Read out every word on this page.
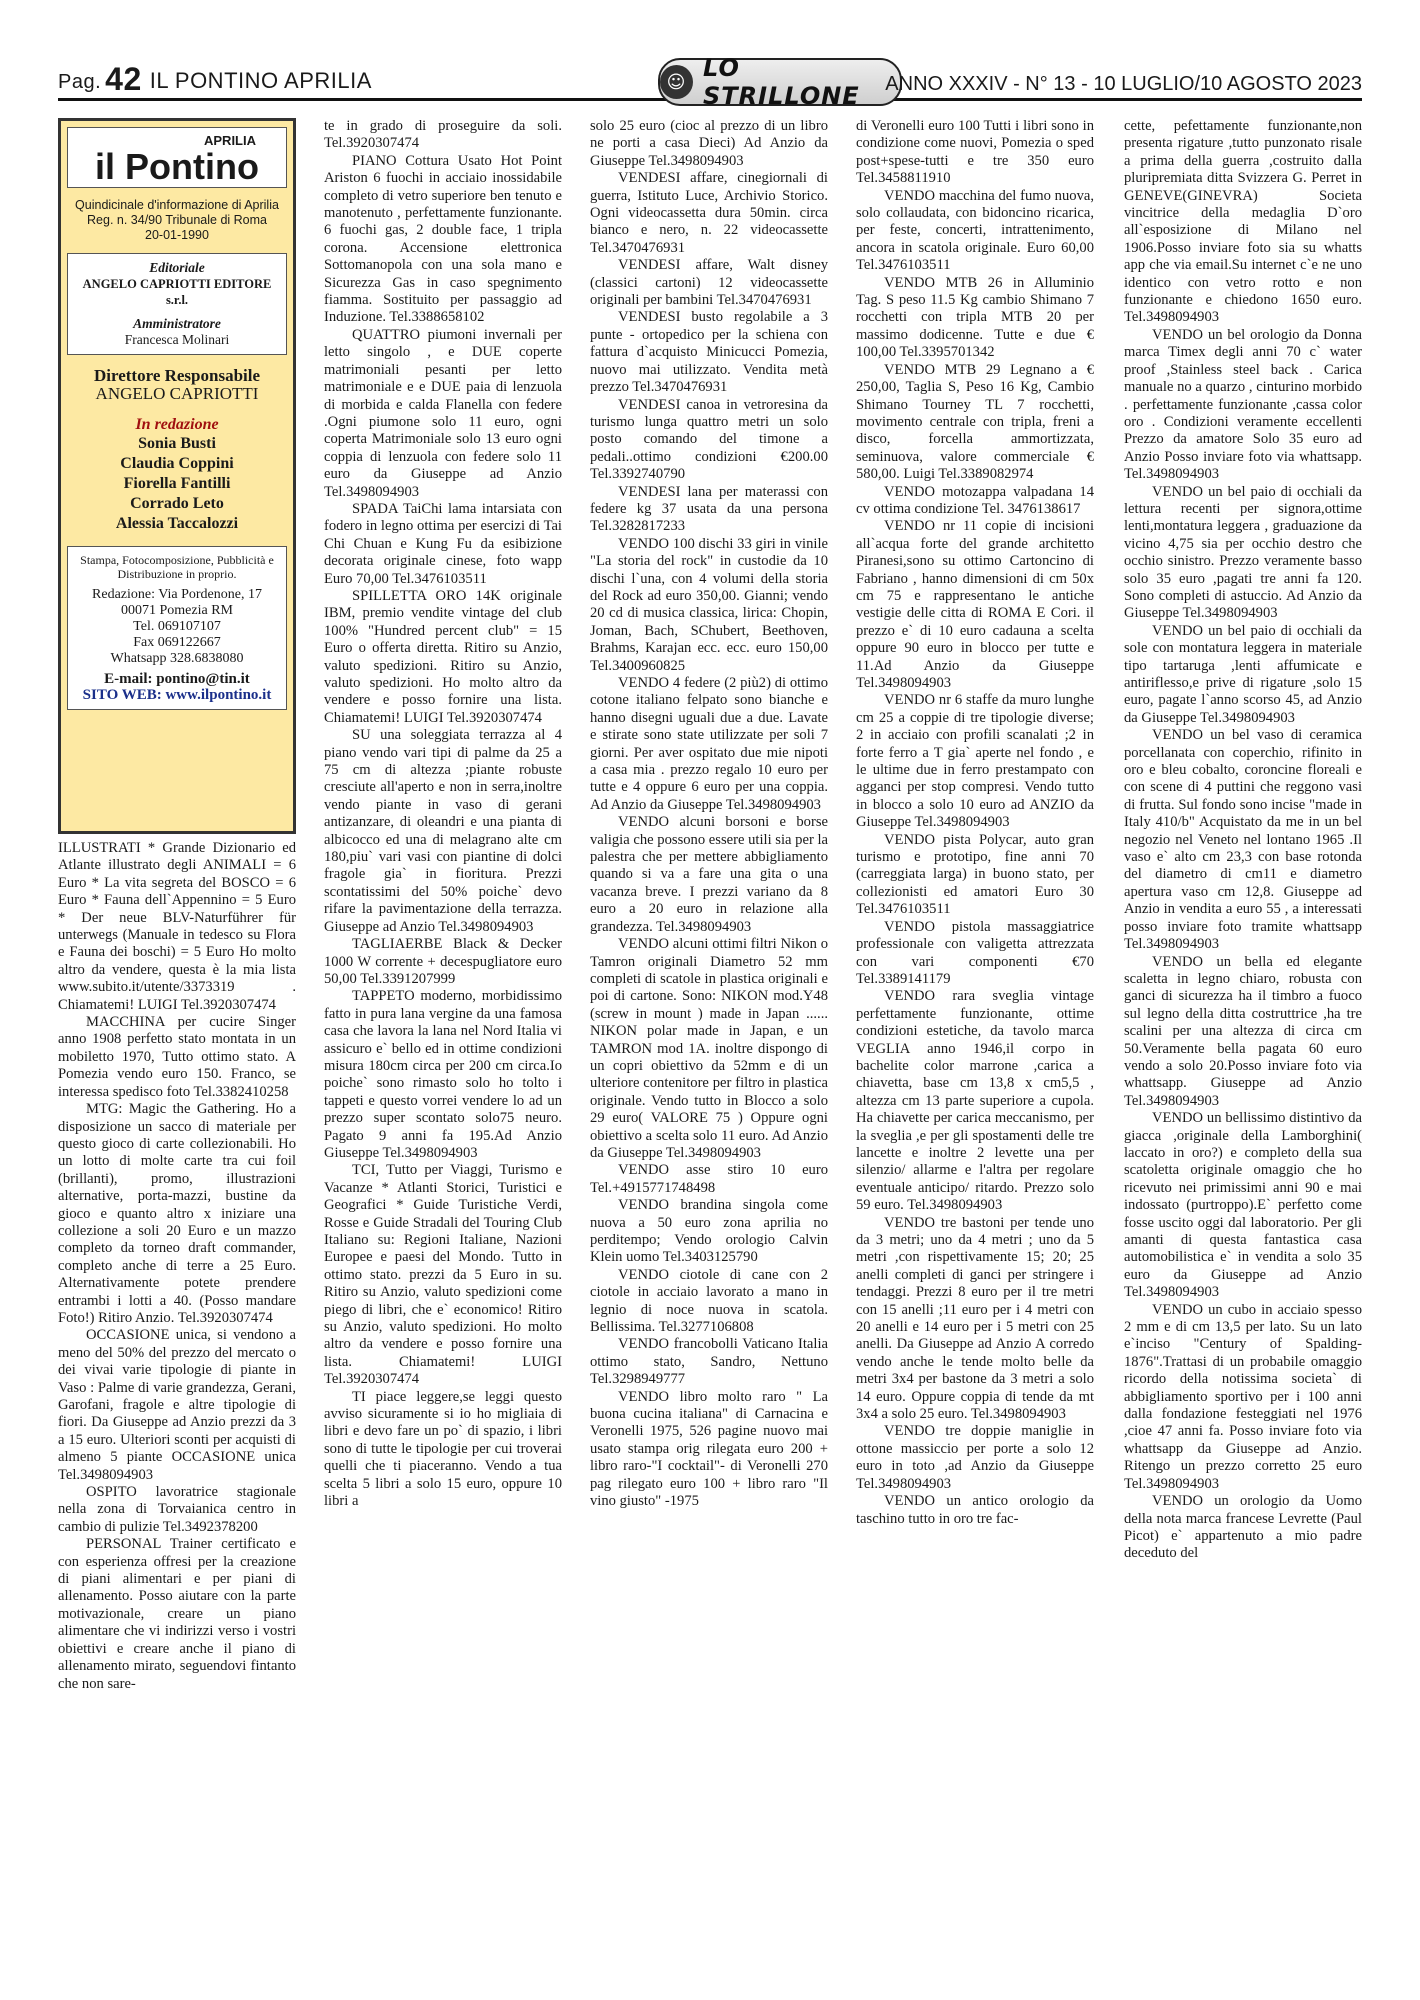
Pag. 42 IL PONTINO APRILIA	☺ LO STRILLONE	ANNO XXXIV - N° 13 - 10 LUGLIO/10 AGOSTO 2023
APRILIA
il Pontino
Quindicinale d'informazione di Aprilia
Reg. n. 34/90 Tribunale di Roma
20-01-1990
Editoriale
ANGELO CAPRIOTTI EDITORE s.r.l.
Amministratore
Francesca Molinari
Direttore Responsabile
ANGELO CAPRIOTTI
In redazione
Sonia Busti
Claudia Coppini
Fiorella Fantilli
Corrado Leto
Alessia Taccalozzi
Stampa, Fotocomposizione, Pubblicità e Distribuzione in proprio.
Redazione: Via Pordenone, 17
00071 Pomezia RM
Tel. 069107107
Fax 069122667
Whatsapp 328.6838080
E-mail: pontino@tin.it
SITO WEB: www.ilpontino.it

ILLUSTRATI * Grande Dizionario ed Atlante illustrato degli ANIMALI = 6 Euro * La vita segreta del BOSCO = 6 Euro * Fauna dell`Appennino = 5 Euro * Der neue BLV-Naturführer für unterwegs (Manuale in tedesco su Flora e Fauna dei boschi) = 5 Euro Ho molto altro da vendere, questa è la mia lista www.subito.it/utente/3373319 . Chiamatemi! LUIGI Tel.3920307474

MACCHINA per cucire Singer anno 1908 perfetto stato montata in un mobiletto 1970, Tutto ottimo stato. A Pomezia vendo euro 150. Franco, se interessa spedisco foto Tel.3382410258

MTG: Magic the Gathering. Ho a disposizione un sacco di materiale per questo gioco di carte collezionabili. Ho un lotto di molte carte tra cui foil (brillanti), promo, illustrazioni alternative, porta-mazzi, bustine da gioco e quanto altro x iniziare una collezione a soli 20 Euro e un mazzo completo da torneo draft commander, completo anche di terre a 25 Euro. Alternativamente potete prendere entrambi i lotti a 40. (Posso mandare Foto!) Ritiro Anzio. Tel.3920307474

OCCASIONE unica, si vendono a meno del 50% del prezzo del mercato o dei vivai varie tipologie di piante in Vaso : Palme di varie grandezza, Gerani, Garofani, fragole e altre tipologie di fiori. Da Giuseppe ad Anzio prezzi da 3 a 15 euro. Ulteriori sconti per acquisti di almeno 5 piante OCCASIONE unica Tel.3498094903

OSPITO lavoratrice stagionale nella zona di Torvaianica centro in cambio di pulizie Tel.3492378200

PERSONAL Trainer certificato e con esperienza offresi per la creazione di piani alimentari e per piani di allenamento. Posso aiutare con la parte motivazionale, creare un piano alimentare che vi indirizzi verso i vostri obiettivi e creare anche il piano di allenamento mirato, seguendovi fintanto che non sare-

te in grado di proseguire da soli. Tel.3920307474

PIANO Cottura Usato Hot Point Ariston 6 fuochi in acciaio inossidabile completo di vetro superiore ben tenuto e manotenuto , perfettamente funzionante. 6 fuochi gas, 2 double face, 1 tripla corona. Accensione elettronica Sottomanopola con una sola mano e Sicurezza Gas in caso spegnimento fiamma. Sostituito per passaggio ad Induzione. Tel.3388658102

QUATTRO piumoni invernali per letto singolo , e DUE coperte matrimoniali pesanti per letto matrimoniale e e DUE paia di lenzuola di morbida e calda Flanella con federe .Ogni piumone solo 11 euro, ogni coperta Matrimoniale solo 13 euro ogni coppia di lenzuola con federe solo 11 euro da Giuseppe ad Anzio Tel.3498094903

SPADA TaiChi lama intarsiata con fodero in legno ottima per esercizi di Tai Chi Chuan e Kung Fu da esibizione decorata originale cinese, foto wapp Euro 70,00 Tel.3476103511

SPILLETTA ORO 14K originale IBM, premio vendite vintage del club 100% "Hundred percent club" = 15 Euro o offerta diretta. Ritiro su Anzio, valuto spedizioni. Ritiro su Anzio, valuto spedizioni. Ho molto altro da vendere e posso fornire una lista. Chiamatemi! LUIGI Tel.3920307474

SU una soleggiata terrazza al 4 piano vendo vari tipi di palme da 25 a 75 cm di altezza ;piante robuste cresciute all'aperto e non in serra,inoltre vendo piante in vaso di gerani antizanzare, di oleandri e una pianta di albicocco ed una di melagrano alte cm 180,piu` vari vasi con piantine di dolci fragole gia` in fioritura. Prezzi scontatissimi del 50% poiche` devo rifare la pavimentazione della terrazza. Giuseppe ad Anzio Tel.3498094903

TAGLIAERBE Black & Decker 1000 W corrente + decespugliatore euro 50,00 Tel.3391207999

TAPPETO moderno, morbidissimo fatto in pura lana vergine da una famosa casa che lavora la lana nel Nord Italia vi assicuro e` bello ed in ottime condizioni misura 180cm circa per 200 cm circa.Io poiche` sono rimasto solo ho tolto i tappeti e questo vorrei vendere lo ad un prezzo super scontato solo75 neuro. Pagato 9 anni fa 195.Ad Anzio Giuseppe Tel.3498094903

TCI, Tutto per Viaggi, Turismo e Vacanze * Atlanti Storici, Turistici e Geografici * Guide Turistiche Verdi, Rosse e Guide Stradali del Touring Club Italiano su: Regioni Italiane, Nazioni Europee e paesi del Mondo. Tutto in ottimo stato. prezzi da 5 Euro in su. Ritiro su Anzio, valuto spedizioni come piego di libri, che e` economico! Ritiro su Anzio, valuto spedizioni. Ho molto altro da vendere e posso fornire una lista. Chiamatemi! LUIGI Tel.3920307474

TI piace leggere,se leggi questo avviso sicuramente si io ho migliaia di libri e devo fare un po` di spazio, i libri sono di tutte le tipologie per cui troverai quelli che ti piaceranno. Vendo a tua scelta 5 libri a solo 15 euro, oppure 10 libri a

solo 25 euro (cioc al prezzo di un libro ne porti a casa Dieci) Ad Anzio da Giuseppe Tel.3498094903

VENDESI affare, cinegiornali di guerra, Istituto Luce, Archivio Storico. Ogni videocassetta dura 50min. circa bianco e nero, n. 22 videocassette Tel.3470476931

VENDESI affare, Walt disney (classici cartoni) 12 videocassette originali per bambini Tel.3470476931

VENDESI busto regolabile a 3 punte - ortopedico per la schiena con fattura d`acquisto Minicucci Pomezia, nuovo mai utilizzato. Vendita metà prezzo Tel.3470476931

VENDESI canoa in vetroresina da turismo lunga quattro metri un solo posto comando del timone a pedali..ottimo condizioni €200.00 Tel.3392740790

VENDESI lana per materassi con federe kg 37 usata da una persona Tel.3282817233

VENDO 100 dischi 33 giri in vinile "La storia del rock" in custodie da 10 dischi l`una, con 4 volumi della storia del Rock ad euro 350,00. Gianni; vendo 20 cd di musica classica, lirica: Chopin, Joman, Bach, SChubert, Beethoven, Brahms, Karajan ecc. ecc. euro 150,00 Tel.3400960825

VENDO 4 federe (2 più2) di ottimo cotone italiano felpato sono bianche e hanno disegni uguali due a due. Lavate e stirate sono state utilizzate per soli 7 giorni. Per aver ospitato due mie nipoti a casa mia . prezzo regalo 10 euro per tutte e 4 oppure 6 euro per una coppia. Ad Anzio da Giuseppe Tel.3498094903

VENDO alcuni borsoni e borse valigia che possono essere utili sia per la palestra che per mettere abbigliamento quando si va a fare una gita o una vacanza breve. I prezzi variano da 8 euro a 20 euro in relazione alla grandezza. Tel.3498094903

VENDO alcuni ottimi filtri Nikon o Tamron originali Diametro 52 mm completi di scatole in plastica originali e poi di cartone. Sono: NIKON mod.Y48 (screw in mount ) made in Japan ...... NIKON polar made in Japan, e un TAMRON mod 1A. inoltre dispongo di un copri obiettivo da 52mm e di un ulteriore contenitore per filtro in plastica originale. Vendo tutto in Blocco a solo 29 euro( VALORE 75 ) Oppure ogni obiettivo a scelta solo 11 euro. Ad Anzio da Giuseppe Tel.3498094903

VENDO asse stiro 10 euro Tel.+4915771748498

VENDO brandina singola come nuova a 50 euro zona aprilia no perditempo; Vendo orologio Calvin Klein uomo Tel.3403125790

VENDO ciotole di cane con 2 ciotole in acciaio lavorato a mano in legnio di noce nuova in scatola. Bellissima. Tel.3277106808

VENDO francobolli Vaticano Italia ottimo stato, Sandro, Nettuno Tel.3298949777

VENDO libro molto raro " La buona cucina italiana" di Carnacina e Veronelli 1975, 526 pagine nuovo mai usato stampa orig rilegata euro 200 + libro raro-"I cocktail"- di Veronelli 270 pag rilegato euro 100 + libro raro "Il vino giusto" -1975

di Veronelli euro 100 Tutti i libri sono in condizione come nuovi, Pomezia o sped post+spese-tutti e tre 350 euro Tel.3458811910

VENDO macchina del fumo nuova, solo collaudata, con bidoncino ricarica, per feste, concerti, intrattenimento, ancora in scatola originale. Euro 60,00 Tel.3476103511

VENDO MTB 26 in Alluminio Tag. S peso 11.5 Kg cambio Shimano 7 rocchetti con tripla MTB 20 per massimo dodicenne. Tutte e due € 100,00 Tel.3395701342

VENDO MTB 29 Legnano a € 250,00, Taglia S, Peso 16 Kg, Cambio Shimano Tourney TL 7 rocchetti, movimento centrale con tripla, freni a disco, forcella ammortizzata, seminuova, valore commerciale € 580,00. Luigi Tel.3389082974

VENDO motozappa valpadana 14 cv ottima condizione Tel. 3476138617

VENDO nr 11 copie di incisioni all`acqua forte del grande architetto Piranesi,sono su ottimo Cartoncino di Fabriano , hanno dimensioni di cm 50x cm 75 e rappresentano le antiche vestigie delle citta di ROMA E Cori. il prezzo e` di 10 euro cadauna a scelta oppure 90 euro in blocco per tutte e 11.Ad Anzio da Giuseppe Tel.3498094903

VENDO nr 6 staffe da muro lunghe cm 25 a coppie di tre tipologie diverse; 2 in acciaio con profili scanalati ;2 in forte ferro a T gia` aperte nel fondo , e le ultime due in ferro prestampato con agganci per stop compresi. Vendo tutto in blocco a solo 10 euro ad ANZIO da Giuseppe Tel.3498094903

VENDO pista Polycar, auto gran turismo e prototipo, fine anni 70 (carreggiata larga) in buono stato, per collezionisti ed amatori Euro 30 Tel.3476103511

VENDO pistola massaggiatrice professionale con valigetta attrezzata con vari componenti €70 Tel.3389141179

VENDO rara sveglia vintage perfettamente funzionante, ottime condizioni estetiche, da tavolo marca VEGLIA anno 1946,il corpo in bachelite color marrone ,carica a chiavetta, base cm 13,8 x cm5,5 , altezza cm 13 parte superiore a cupola. Ha chiavette per carica meccanismo, per la sveglia ,e per gli spostamenti delle tre lancette e inoltre 2 levette una per silenzio/ allarme e l'altra per regolare eventuale anticipo/ ritardo. Prezzo solo 59 euro. Tel.3498094903

VENDO tre bastoni per tende uno da 3 metri; uno da 4 metri ; uno da 5 metri ,con rispettivamente 15; 20; 25 anelli completi di ganci per stringere i tendaggi. Prezzi 8 euro per il tre metri con 15 anelli ;11 euro per i 4 metri con 20 anelli e 14 euro per i 5 metri con 25 anelli. Da Giuseppe ad Anzio A corredo vendo anche le tende molto belle da metri 3x4 per bastone da 3 metri a solo 14 euro. Oppure coppia di tende da mt 3x4 a solo 25 euro. Tel.3498094903

VENDO tre doppie maniglie in ottone massiccio per porte a solo 12 euro in toto ,ad Anzio da Giuseppe Tel.3498094903

VENDO un antico orologio da taschino tutto in oro tre fac-

cette, pefettamente funzionante,non presenta rigature ,tutto punzonato risale a prima della guerra ,costruito dalla pluripremiata ditta Svizzera G. Perret in GENEVE(GINEVRA) Societa vincitrice della medaglia D`oro all`esposizione di Milano nel 1906.Posso inviare foto sia su whatts app che via email.Su internet c`e ne uno identico con vetro rotto e non funzionante e chiedono 1650 euro. Tel.3498094903

VENDO un bel orologio da Donna marca Timex degli anni 70 c` water proof ,Stainless steel back . Carica manuale no a quarzo , cinturino morbido . perfettamente funzionante ,cassa color oro . Condizioni veramente eccellenti Prezzo da amatore Solo 35 euro ad Anzio Posso inviare foto via whattsapp. Tel.3498094903

VENDO un bel paio di occhiali da lettura recenti per signora,ottime lenti,montatura leggera , graduazione da vicino 4,75 sia per occhio destro che occhio sinistro. Prezzo veramente basso solo 35 euro ,pagati tre anni fa 120. Sono completi di astuccio. Ad Anzio da Giuseppe Tel.3498094903

VENDO un bel paio di occhiali da sole con montatura leggera in materiale tipo tartaruga ,lenti affumicate e antiriflesso,e prive di rigature ,solo 15 euro, pagate l`anno scorso 45, ad Anzio da Giuseppe Tel.3498094903

VENDO un bel vaso di ceramica porcellanata con coperchio, rifinito in oro e bleu cobalto, coroncine floreali e con scene di 4 puttini che reggono vasi di frutta. Sul fondo sono incise "made in Italy 410/b" Acquistato da me in un bel negozio nel Veneto nel lontano 1965 .Il vaso e` alto cm 23,3 con base rotonda del diametro di cm11 e diametro apertura vaso cm 12,8. Giuseppe ad Anzio in vendita a euro 55 , a interessati posso inviare foto tramite whattsapp Tel.3498094903

VENDO un bella ed elegante scaletta in legno chiaro, robusta con ganci di sicurezza ha il timbro a fuoco sul legno della ditta costruttrice ,ha tre scalini per una altezza di circa cm 50.Veramente bella pagata 60 euro vendo a solo 20.Posso inviare foto via whattsapp. Giuseppe ad Anzio Tel.3498094903

VENDO un bellissimo distintivo da giacca ,originale della Lamborghini( laccato in oro?) e completo della sua scatoletta originale omaggio che ho ricevuto nei primissimi anni 90 e mai indossato (purtroppo).E` perfetto come fosse uscito oggi dal laboratorio. Per gli amanti di questa fantastica casa automobilistica e` in vendita a solo 35 euro da Giuseppe ad Anzio Tel.3498094903

VENDO un cubo in acciaio spesso 2 mm e di cm 13,5 per lato. Su un lato e`inciso "Century of Spalding-1876".Trattasi di un probabile omaggio ricordo della notissima societa` di abbigliamento sportivo per i 100 anni dalla fondazione festeggiati nel 1976 ,cioe 47 anni fa. Posso inviare foto via whattsapp da Giuseppe ad Anzio. Ritengo un prezzo corretto 25 euro Tel.3498094903

VENDO un orologio da Uomo della nota marca francese Levrette (Paul Picot) e` appartenuto a mio padre deceduto del
